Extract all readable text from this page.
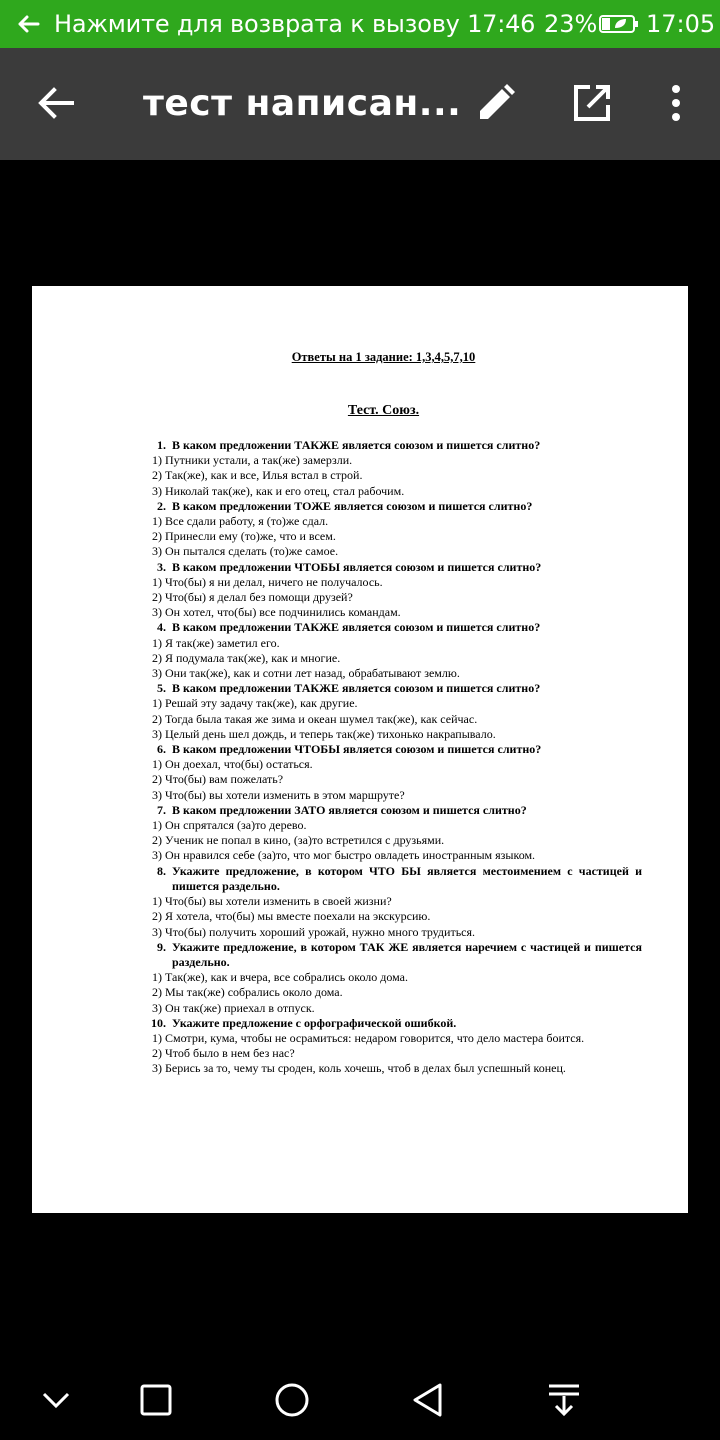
Нажмите для возврата к вызову 17:46 23% 17:05
тест написан...
Ответы на 1 задание: 1,3,4,5,7,10
Тест. Союз.
1. В каком предложении ТАКЖЕ является союзом и пишется слитно?
1) Путники устали, а так(же) замерзли.
2) Так(же), как и все, Илья встал в строй.
3) Николай так(же), как и его отец, стал рабочим.
2. В каком предложении ТОЖЕ является союзом и пишется слитно?
1) Все сдали работу, я (то)же сдал.
2) Принесли ему (то)же, что и всем.
3) Он пытался сделать (то)же самое.
3. В каком предложении ЧТОБЫ является союзом и пишется слитно?
1) Что(бы) я ни делал, ничего не получалось.
2) Что(бы) я делал без помощи друзей?
3) Он хотел, что(бы) все подчинились командам.
4. В каком предложении ТАКЖЕ является союзом и пишется слитно?
1) Я так(же) заметил его.
2) Я подумала так(же), как и многие.
3) Они так(же), как и сотни лет назад, обрабатывают землю.
5. В каком предложении ТАКЖЕ является союзом и пишется слитно?
1) Решай эту задачу так(же), как другие.
2) Тогда была такая же зима и океан шумел так(же), как сейчас.
3) Целый день шел дождь, и теперь так(же) тихонько накрапывало.
6. В каком предложении ЧТОБЫ является союзом и пишется слитно?
1) Он доехал, что(бы) остаться.
2) Что(бы) вам пожелать?
3) Что(бы) вы хотели изменить в этом маршруте?
7. В каком предложении ЗАТО является союзом и пишется слитно?
1) Он спрятался (за)то дерево.
2) Ученик не попал в кино, (за)то встретился с друзьями.
3) Он нравился себе (за)то, что мог быстро овладеть иностранным языком.
8. Укажите предложение, в котором ЧТО БЫ является местоимением с частицей и пишется раздельно.
1) Что(бы) вы хотели изменить в своей жизни?
2) Я хотела, что(бы) мы вместе поехали на экскурсию.
3) Что(бы) получить хороший урожай, нужно много трудиться.
9. Укажите предложение, в котором ТАК ЖЕ является наречием с частицей и пишется раздельно.
1) Так(же), как и вчера, все собрались около дома.
2) Мы так(же) собрались около дома.
3) Он так(же) приехал в отпуск.
10. Укажите предложение с орфографической ошибкой.
1) Смотри, кума, чтобы не осрамиться: недаром говорится, что дело мастера боится.
2) Чтоб было в нем без нас?
3) Берись за то, чему ты сроден, коль хочешь, чтоб в делах был успешный конец.
